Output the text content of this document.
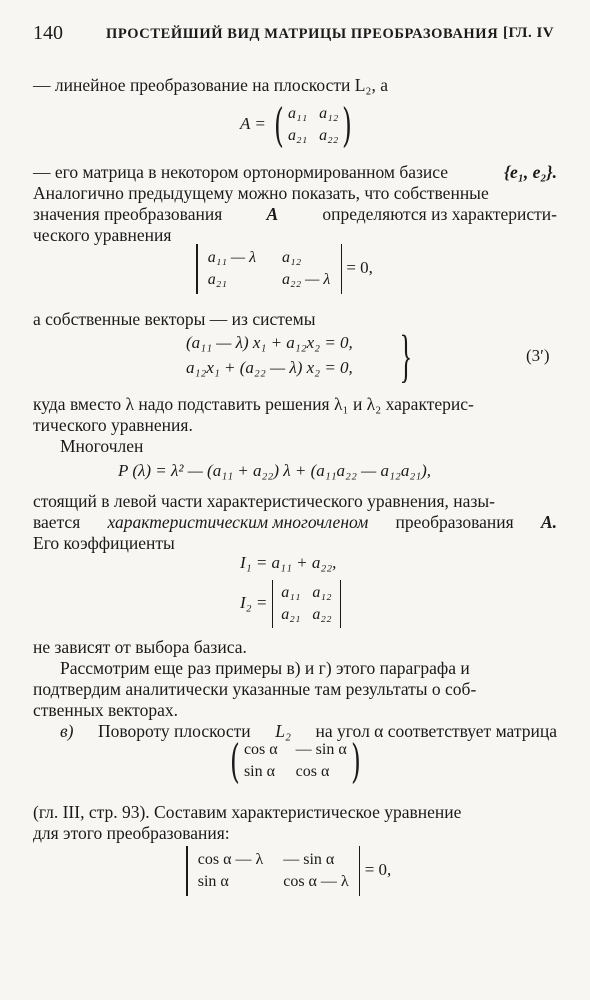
140	ПРОСТЕЙШИЙ ВИД МАТРИЦЫ ПРЕОБРАЗОВАНИЯ [ГЛ. IV
— линейное преобразование на плоскости L₂, а
A = ( a₁₁ a₁₂
a₂₁ a₂₂ )
— его матрица в некотором ортонормированном базисе	{e₁, e₂}.
Аналогично предыдущему можно показать, что собственные
значения преобразования	A	определяются из характеристи-
ческого уравнения

a₁₁ — λ a₁₂
a₂₁	a₂₂ — λ
= 0,
а собственные векторы — из системы
(a₁₁ — λ) x₁ + a₁₂x₂ = 0,
a₁₂x₁ + (a₂₂ — λ) x₂ = 0, }	(3′)
куда вместо λ надо подставить решения λ₁ и λ₂ характерис-
тического уравнения.
Многочлен
P (λ) = λ² — (a₁₁ + a₂₂) λ + (a₁₁a₂₂ — a₁₂a₂₁),
стоящий в левой части характеристического уравнения, назы-
вается характеристическим многочленом преобразования A.
Его коэффициенты
I₁ = a₁₁ + a₂₂,
I₂ =
a₁₁ a₁₂
a₂₁ a₂₂

не зависят от выбора базиса.
Рассмотрим еще раз примеры в) и г) этого параграфа и
подтвердим аналитически указанные там результаты о соб-
ственных векторах.
в) Повороту плоскости L₂ на угол α соответствует матрица
( cos α — sin α
sin α cos α )
(гл. III, стр. 93). Составим характеристическое уравнение
для этого преобразования:

cos α — λ — sin α
sin α	cos α — λ
= 0,
